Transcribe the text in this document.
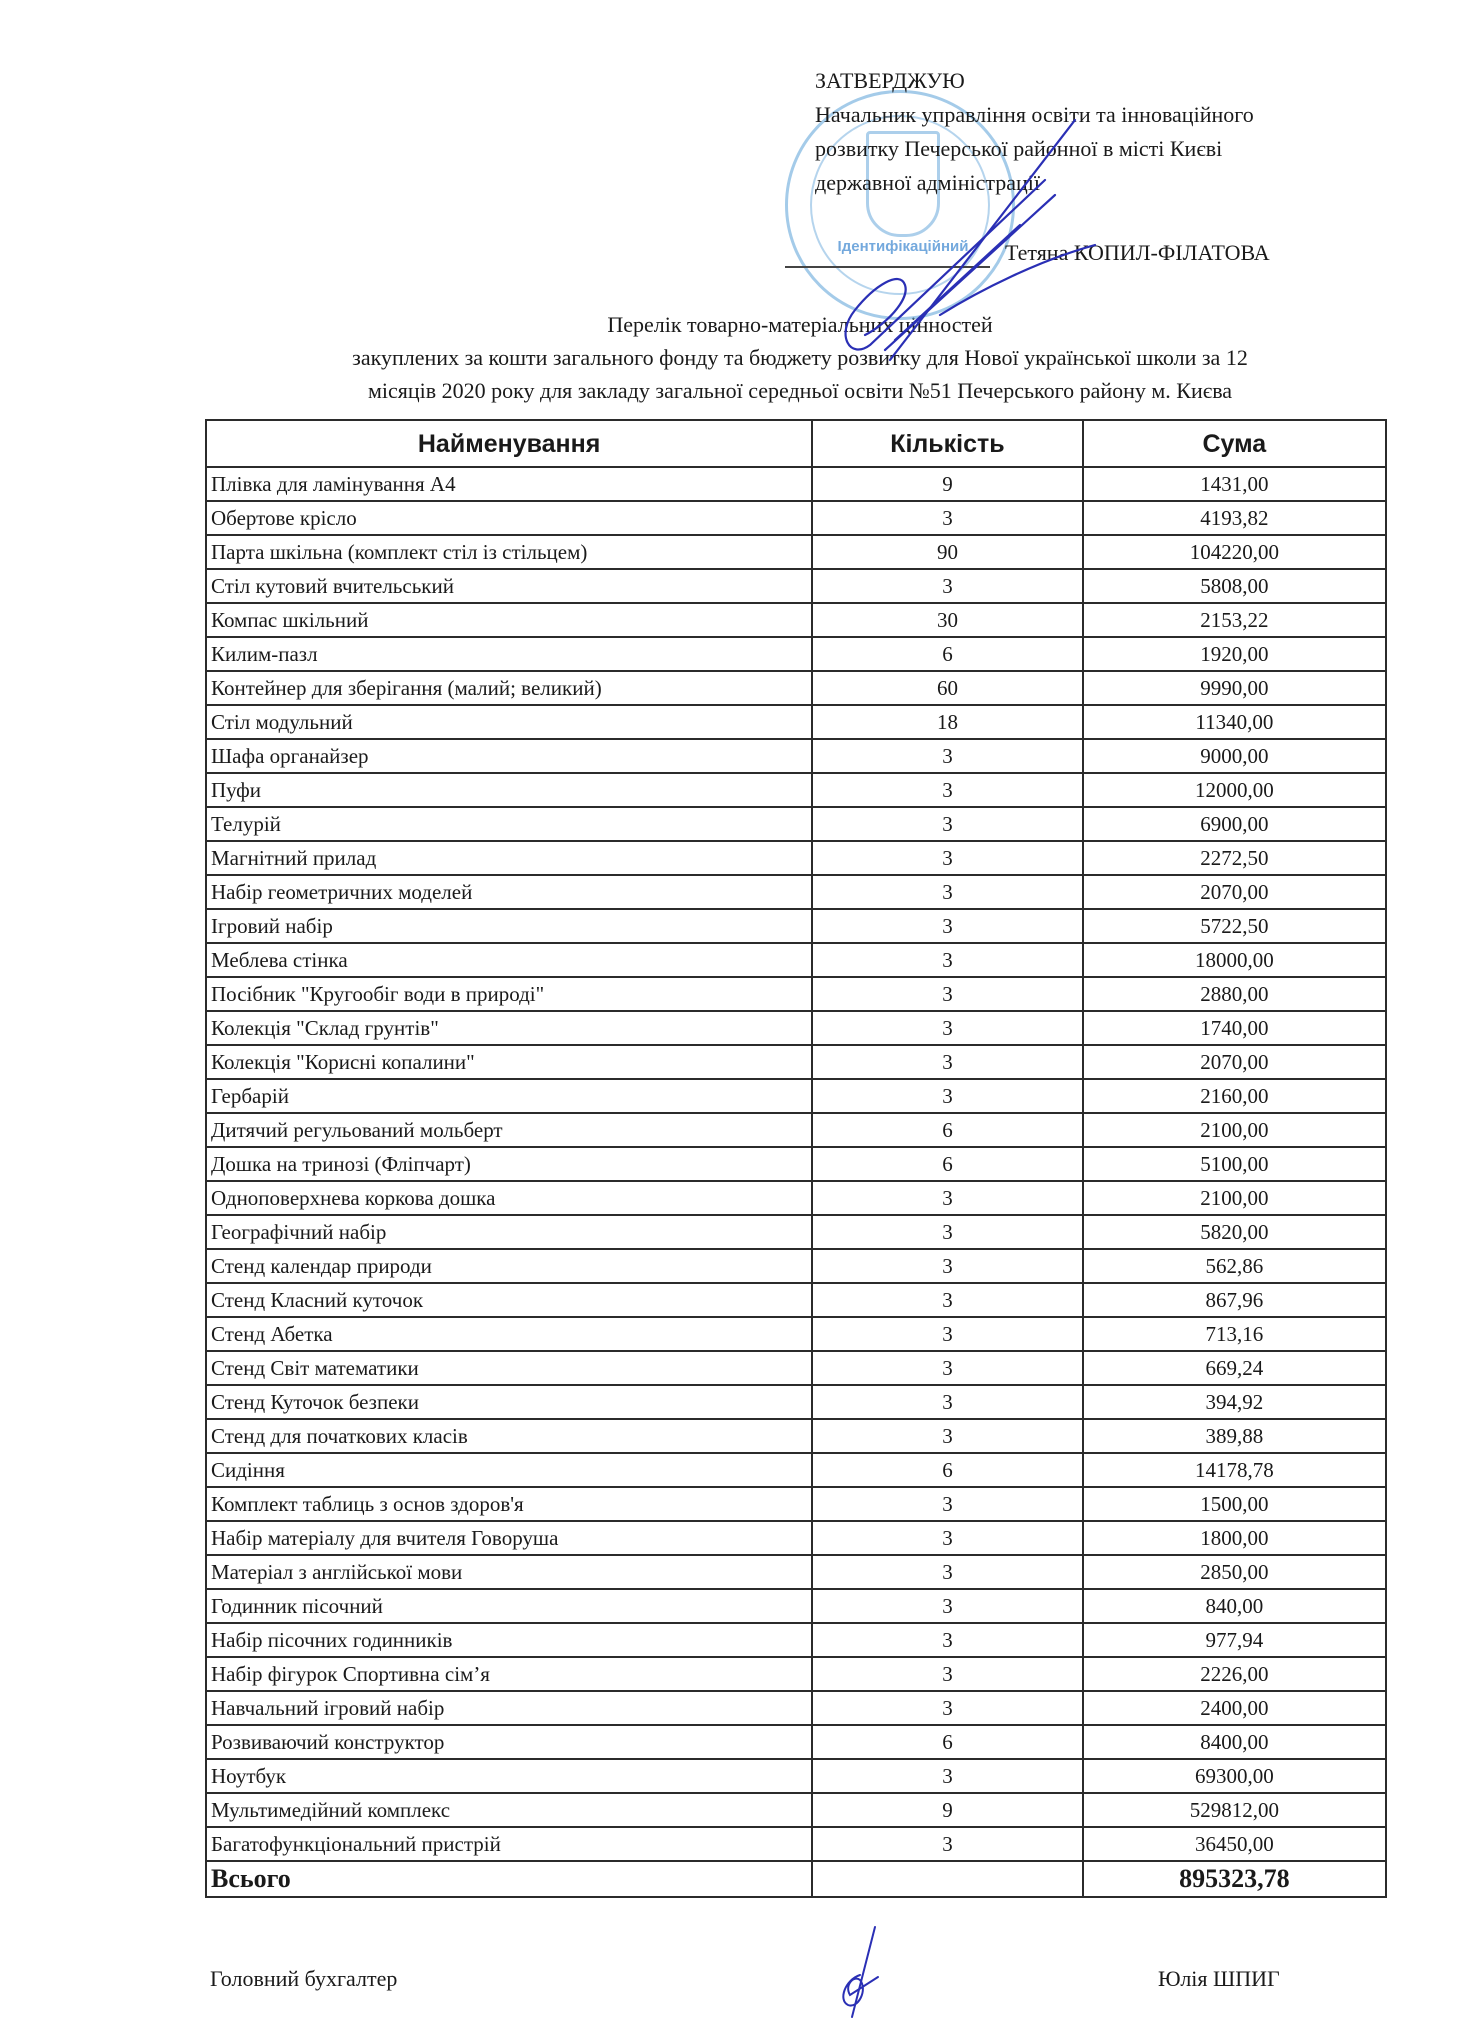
Ідентифікаційний
ЗАТВЕРДЖУЮ
Начальник управління освіти та інноваційного
розвитку Печерської районної в місті Києві
державної адміністрації
Тетяна КОПИЛ-ФІЛАТОВА
Перелік товарно-матеріальних цінностей
закуплених за кошти загального фонду та бюджету розвитку для Нової української школи за 12
місяців 2020 року для закладу загальної середньої освіти №51 Печерського району м. Києва
Найменування	Кількість	Сума
Плівка для ламінування А4	9	1431,00
Обертове крісло	3	4193,82
Парта шкільна (комплект стіл із стільцем)	90	104220,00
Стіл кутовий вчительський	3	5808,00
Компас шкільний	30	2153,22
Килим-пазл	6	1920,00
Контейнер для зберігання (малий; великий)	60	9990,00
Стіл модульний	18	11340,00
Шафа органайзер	3	9000,00
Пуфи	3	12000,00
Телурій	3	6900,00
Магнітний прилад	3	2272,50
Набір геометричних моделей	3	2070,00
Ігровий набір	3	5722,50
Меблева стінка	3	18000,00
Посібник "Кругообіг води в природі"	3	2880,00
Колекція "Склад грунтів"	3	1740,00
Колекція "Корисні копалини"	3	2070,00
Гербарій	3	2160,00
Дитячий регульований мольберт	6	2100,00
Дошка на тринозі (Фліпчарт)	6	5100,00
Одноповерхнева коркова дошка	3	2100,00
Географічний набір	3	5820,00
Стенд календар природи	3	562,86
Стенд Класний куточок	3	867,96
Стенд Абетка	3	713,16
Стенд Світ математики	3	669,24
Стенд Куточок безпеки	3	394,92
Стенд для початкових класів	3	389,88
Сидіння	6	14178,78
Комплект таблиць з основ здоров'я	3	1500,00
Набір матеріалу для вчителя Говоруша	3	1800,00
Матеріал з англійської мови	3	2850,00
Годинник пісочний	3	840,00
Набір пісочних годинників	3	977,94
Набір фігурок Спортивна сім’я	3	2226,00
Навчальний ігровий набір	3	2400,00
Розвиваючий конструктор	6	8400,00
Ноутбук	3	69300,00
Мультимедійний комплекс	9	529812,00
Багатофункціональний пристрій	3	36450,00
Всього		895323,78
Головний бухгалтер	Юлія ШПИГ
